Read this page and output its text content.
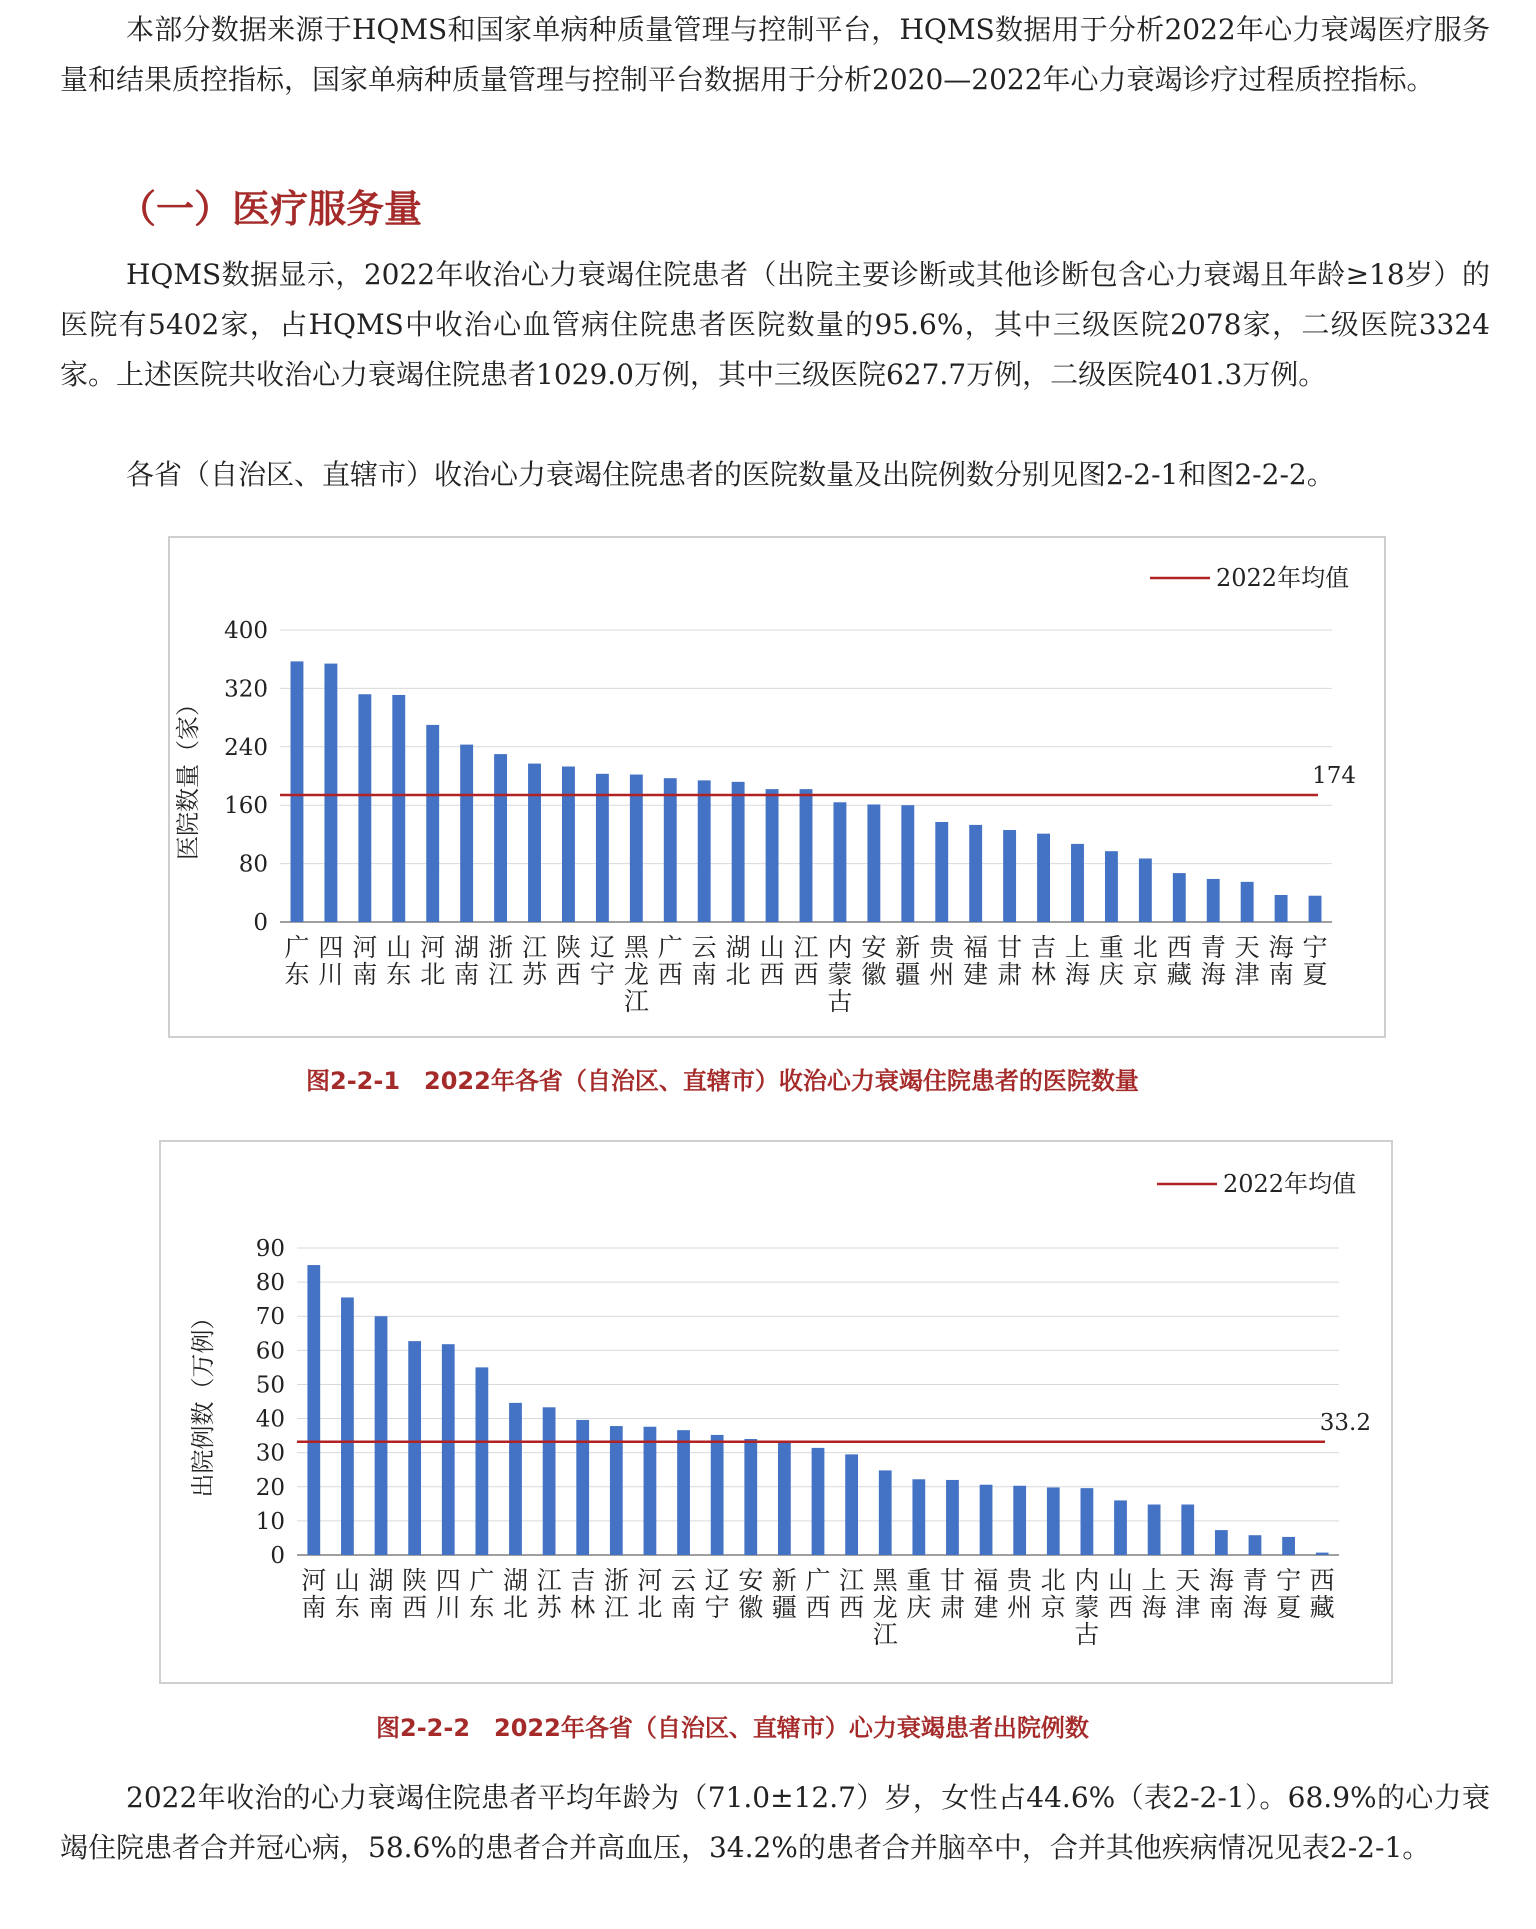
本部分数据来源于HQMS和国家单病种质量管理与控制平台，HQMS数据用于分析2022年心力衰竭医疗服务量和结果质控指标，国家单病种质量管理与控制平台数据用于分析2020—2022年心力衰竭诊疗过程质控指标。
（一）医疗服务量
HQMS数据显示，2022年收治心力衰竭住院患者（出院主要诊断或其他诊断包含心力衰竭且年龄≥18岁）的医院有5402家，占HQMS中收治心血管病住院患者医院数量的95.6%，其中三级医院2078家，二级医院3324家。上述医院共收治心力衰竭住院患者1029.0万例，其中三级医院627.7万例，二级医院401.3万例。
各省（自治区、直辖市）收治心力衰竭住院患者的医院数量及出院例数分别见图2-2-1和图2-2-2。
0
80
160
240
320
400
医院数量（家）
广
东
四
川
河
南
山
东
河
北
湖
南
浙
江
江
苏
陕
西
辽
宁
黑
龙
江
广
西
云
南
湖
北
山
西
江
西
内
蒙
古
安
徽
新
疆
贵
州
福
建
甘
肃
吉
林
上
海
重
庆
北
京
西
藏
青
海
天
津
海
南
宁
夏
174
2022年均值
图2-2-1　2022年各省（自治区、直辖市）收治心力衰竭住院患者的医院数量
0
10
20
30
40
50
60
70
80
90
出院例数（万例）
河
南
山
东
湖
南
陕
西
四
川
广
东
湖
北
江
苏
吉
林
浙
江
河
北
云
南
辽
宁
安
徽
新
疆
广
西
江
西
黑
龙
江
重
庆
甘
肃
福
建
贵
州
北
京
内
蒙
古
山
西
上
海
天
津
海
南
青
海
宁
夏
西
藏
33.2
2022年均值
图2-2-2　2022年各省（自治区、直辖市）心力衰竭患者出院例数
2022年收治的心力衰竭住院患者平均年龄为（71.0±12.7）岁，女性占44.6%（表2-2-1）。68.9%的心力衰竭住院患者合并冠心病，58.6%的患者合并高血压，34.2%的患者合并脑卒中，合并其他疾病情况见表2-2-1。
